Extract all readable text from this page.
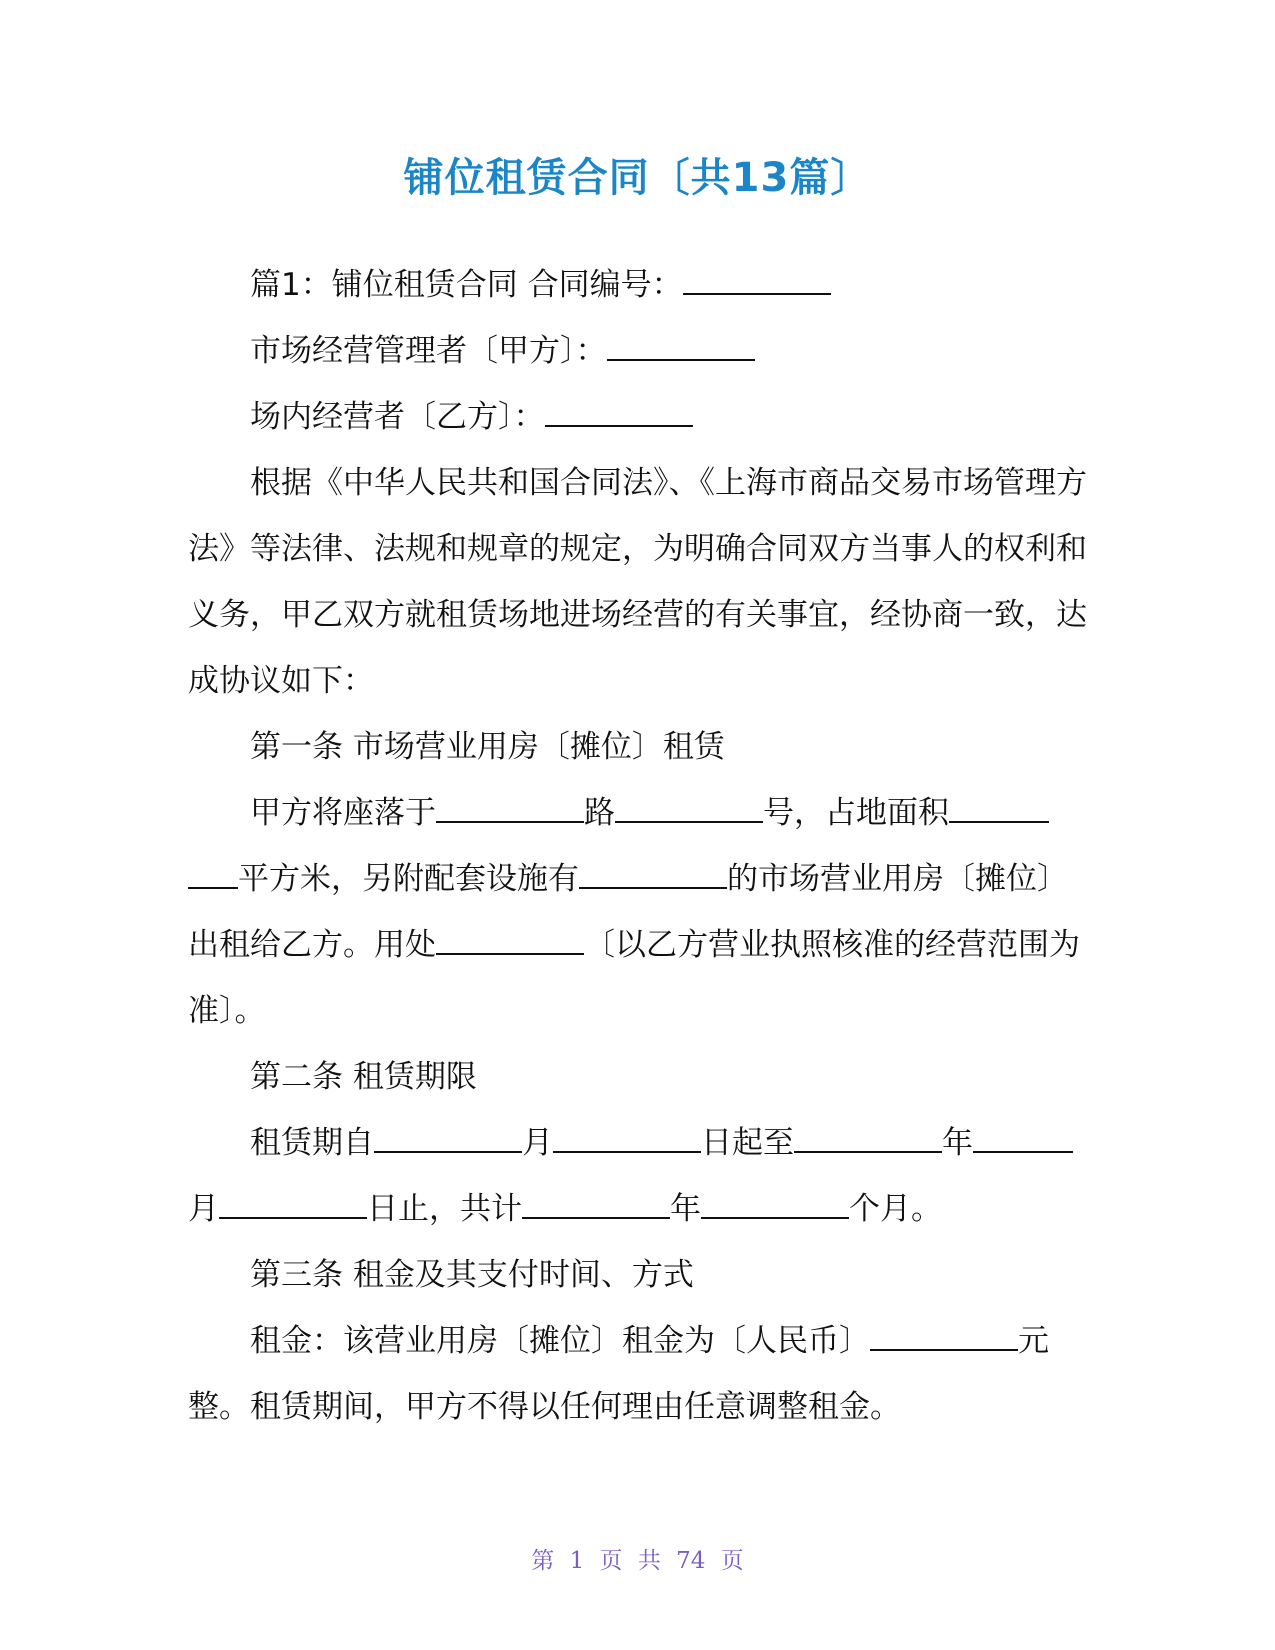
铺位租赁合同〔共13篇〕

篇1：铺位租赁合同 合同编号：

市场经营管理者〔甲方〕：

场内经营者〔乙方〕：

根据《中华人民共和国合同法》、《上海市商品交易市场管理方法》等法律、法规和规章的规定，为明确合同双方当事人的权利和义务，甲乙双方就租赁场地进场经营的有关事宜，经协商一致，达成协议如下：

第一条 市场营业用房〔摊位〕租赁

甲方将座落于	路	号，占地面积平方米，另附配套设施有	的市场营业用房〔摊位〕出租给乙方。用处	〔以乙方营业执照核准的经营范围为准〕。

第二条 租赁期限

租赁期自	月	日起至	年月	日止，共计	年	个月。

第三条 租金及其支付时间、方式

租金：该营业用房〔摊位〕租金为〔人民币〕	元整。租赁期间，甲方不得以任何理由任意调整租金。

第 1 页 共 74 页
